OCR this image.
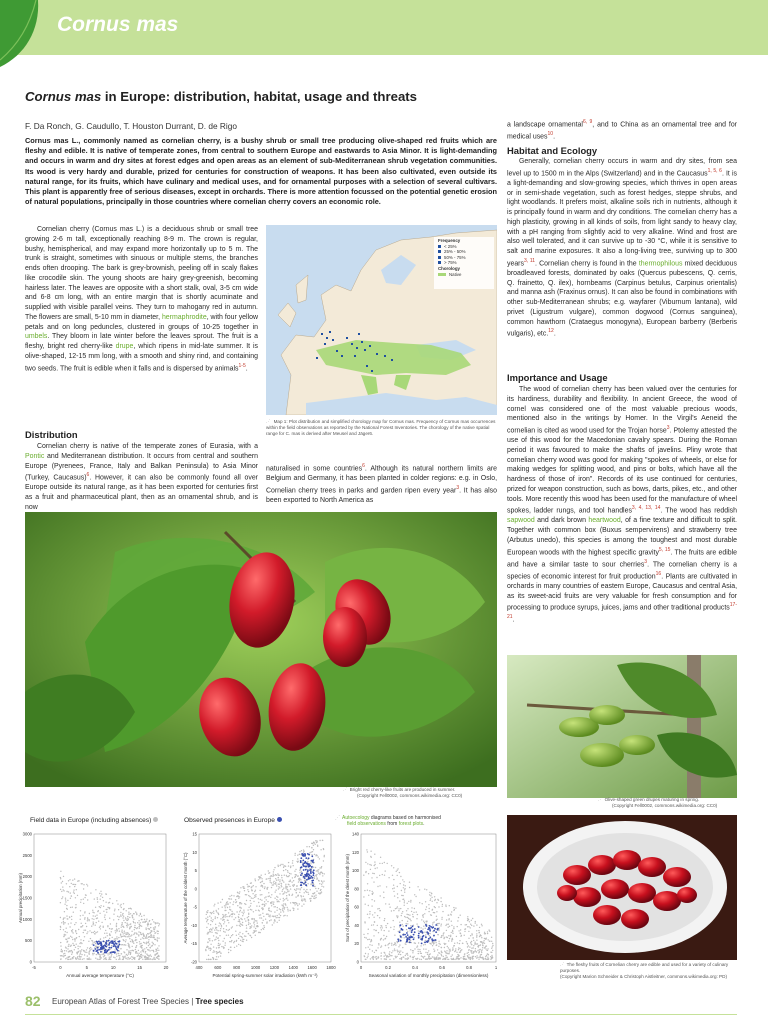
Cornus mas
Cornus mas in Europe: distribution, habitat, usage and threats
F. Da Ronch, G. Caudullo, T. Houston Durrant, D. de Rigo
Cornus mas L., commonly named as cornelian cherry, is a bushy shrub or small tree producing olive-shaped red fruits which are fleshy and edible. It is native of temperate zones, from central to southern Europe and eastwards to Asia Minor. It is light-demanding and occurs in warm and dry sites at forest edges and open areas as an element of sub-Mediterranean shrub vegetation communities. Its wood is very hardy and durable, prized for centuries for construction of weapons. It has been also cultivated, even outside its natural range, for its fruits, which have culinary and medical uses, and for ornamental purposes with a selection of several cultivars. This plant is apparently free of serious diseases, except in orchards. There is more attention focussed on the potential genetic erosion of natural populations, principally in those countries where cornelian cherry covers an economic role.
Cornelian cherry (Cornus mas L.) is a deciduous shrub or small tree growing 2-6 m tall, exceptionally reaching 8-9 m. The crown is regular, bushy, hemispherical, and may expand more horizontally up to 5 m. The trunk is straight, sometimes with sinuous or multiple stems, the branches ends often drooping. The bark is grey-brownish, peeling off in scaly flakes like crocodile skin. The young shoots are hairy grey-greenish, becoming hairless later. The leaves are opposite with a short stalk, oval, 3-5 cm wide and 6-8 cm long, with an entire margin that is shortly acuminate and supplied with visible parallel veins. They turn to mahogany red in autumn. The flowers are small, 5-10 mm in diameter, hermaphrodite, with four yellow petals and on long peduncles, clustered in groups of 10-25 together in umbels. They bloom in late winter before the leaves sprout. The fruit is a fleshy, bright red cherry-like drupe, which ripens in mid-late summer. It is olive-shaped, 12-15 mm long, with a smooth and shiny rind, and containing two seeds. The fruit is edible when it falls and is dispersed by animals$^{1-5}$.
Distribution
Cornelian cherry is native of the temperate zones of Eurasia, with a Pontic and Mediterranean distribution. It occurs from central and southern Europe (Pyrenees, France, Italy and Balkan Peninsula) to Asia Minor (Turkey, Caucasus)$^6$. However, it can also be commonly found all over Europe outside its natural range, as it has been exported for centuries first as a fruit and pharmaceutical plant, then as an ornamental shrub, and is now
Frequency
< 25%
25% - 50%
50% - 75%
> 75%
Chorology
Native
⋰ Map 1: Plot distribution and simplified chorology map for Cornus mas. Frequency of Cornus mas occurrences within the field observations as reported by the National Forest Inventories. The chorology of the native spatial range for C. mas is derived after Meusel and Jäger6.
naturalised in some countries$^6$. Although its natural northern limits are Belgium and Germany, it has been planted in colder regions: e.g. in Oslo, Cornelian cherry trees in parks and garden ripen every year$^3$. It has also been exported to North America as
a landscape ornamental$^{6, 9}$, and to China as an ornamental tree and for medical uses$^{10}$.
Habitat and Ecology
Generally, cornelian cherry occurs in warm and dry sites, from sea level up to 1500 m in the Alps (Switzerland) and in the Caucasus$^{1, 5, 6}$. It is a light-demanding and slow-growing species, which thrives in open areas or in semi-shade vegetation, such as forest hedges, steppe shrubs, and light woodlands. It prefers moist, alkaline soils rich in nutrients, although it is principally found in warm and dry conditions. The cornelian cherry has a high plasticity, growing in all kinds of soils, from light sandy to heavy clay, with a pH ranging from slightly acid to very alkaline. Wind and frost are also well tolerated, and it can survive up to -30 °C, while it is sensitive to salt and marine exposures. It also a long-living tree, surviving up to 300 years$^{3, 11}$. Cornelian cherry is found in the thermophilous mixed deciduous broadleaved forests, dominated by oaks (Quercus pubescens, Q. cerris, Q. frainetto, Q. ilex), hornbeams (Carpinus betulus, Carpinus orientalis) and manna ash (Fraxinus ornus). It can also be found in combinations with other sub-Mediterranean shrubs; e.g. wayfarer (Viburnum lantana), wild privet (Ligustrum vulgare), common dogwood (Cornus sanguinea), common hawthorn (Crataegus monogyna), European barberry (Berberis vulgaris), etc.$^{12}$.
Importance and Usage
The wood of cornelian cherry has been valued over the centuries for its hardiness, durability and flexibility. In ancient Greece, the wood of cornel was considered one of the most valuable precious woods, mentioned also in the writings by Homer. In the Virgil's Aeneid the cornelian is cited as wood used for the Trojan horse$^3$. Ptolemy attested the use of this wood for the Macedonian cavalry spears. During the Roman period it was favoured to make the shafts of javelins. Pliny wrote that cornelian cherry wood was good for making "spokes of wheels, or else for making wedges for splitting wood, and pins or bolts, which have all the hardness of those of iron". Records of its use continued for centuries, prized for weapon construction, such as bows, darts, pikes, etc., and other tools. More recently this wood has been used for the manufacture of wheel spokes, ladder rungs, and tool handles$^{3, 4, 13, 14}$. The wood has reddish sapwood and dark brown heartwood, of a fine texture and difficult to split. Together with common box (Buxus sempervirens) and strawberry tree (Arbutus unedo), this species is among the toughest and most durable European woods with the highest specific gravity$^{5, 15}$. The fruits are edible and have a similar taste to sour cherries$^3$. The cornelian cherry is a species of economic interest for fruit production$^{16}$. Plants are cultivated in orchards in many countries of eastern Europe, Caucasus and central Asia, as its sweet-acid fruits are very valuable for fresh consumption and for processing to produce syrups, juices, jams and other traditional products$^{17-21}$.
⋰ Bright red cherry-like fruits are produced in summer.
(Copyright Fell0002, commons.wikimedia.org: CC0)
⋰ Olive-shaped green drupes maturing in spring.
(Copyright Fell0002, commons.wikimedia.org: CC0)
⋰ The fleshy fruits of Cornelian cherry are edible and used for a variety of culinary purposes.
(Copyright Marion Schneider & Christoph Aistleitner, commons.wikimedia.org: PD)
Field data in Europe (including absences)	Observed presences in Europe	⋰ Autoecology diagrams based on harmonised
field observations from forest plots.
-5	0	5	10	15	20
0
500
1000
1500
2000
2500
3000
Annual average temperature (°C)
Annual precipitation (mm)
400	600	800	1000 1200 1400 1600 1800
-20
-15
-10
-5
0
5
10
15
Potential spring-summer solar irradiation (kWh m⁻²)
Average temperature of the coldest month (°C)
0	0.2	0.4	0.6	0.8	1
0
20
40
60
80
100
120
140
Seasonal variation of monthly precipitation (dimensionless)
Sum of precipitation of the driest month (mm)
82 European Atlas of Forest Tree Species | Tree species
